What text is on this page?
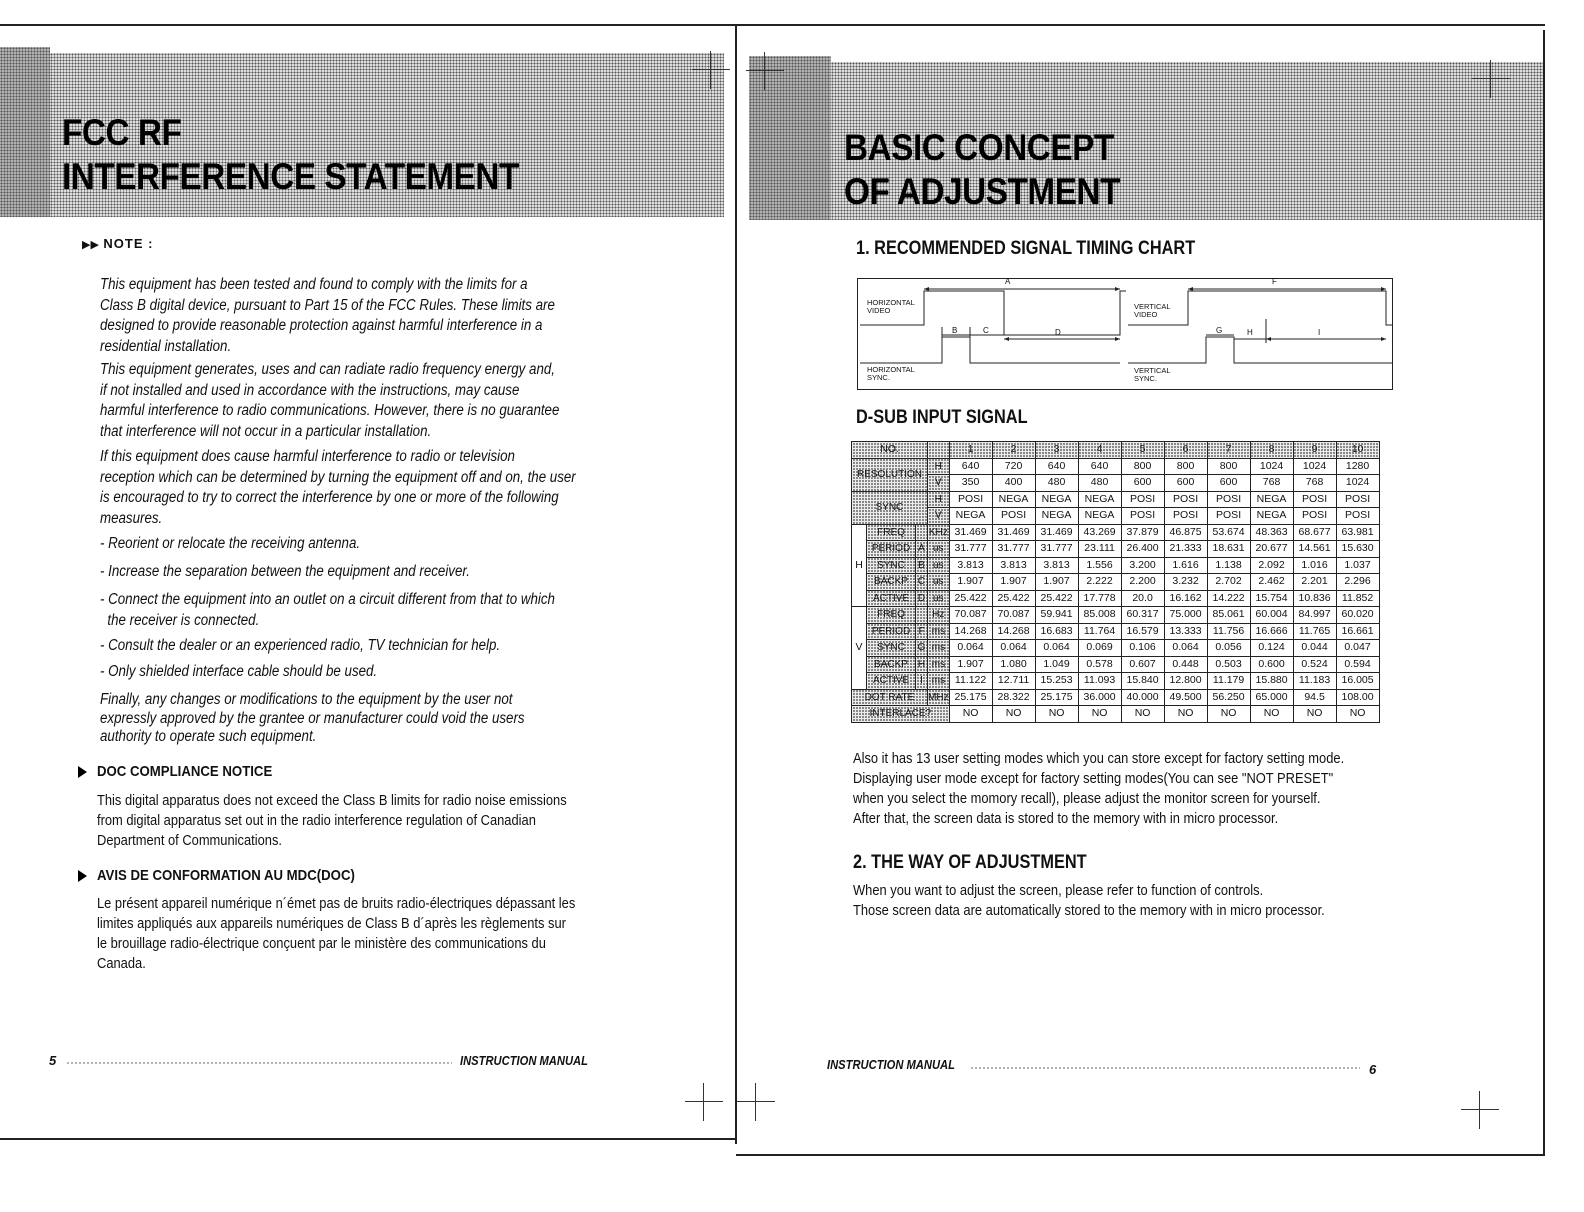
FCC RF
INTERFERENCE STATEMENT
▶▶ NOTE :
This equipment has been tested and found to comply with the limits for a
Class B digital device, pursuant to Part 15 of the FCC Rules. These limits are
designed to provide reasonable protection against harmful interference in a
residential installation.
This equipment generates, uses and can radiate radio frequency energy and,
if not installed and used in accordance with the instructions, may cause
harmful interference to radio communications. However, there is no guarantee
that interference will not occur in a particular installation.
If this equipment does cause harmful interference to radio or television
reception which can be determined by turning the equipment off and on, the user
is encouraged to try to correct the interference by one or more of the following
measures.
- Reorient or relocate the receiving antenna.
- Increase the separation between the equipment and receiver.
- Connect the equipment into an outlet on a circuit different from that to which
the receiver is connected.
- Consult the dealer or an experienced radio, TV technician for help.
- Only shielded interface cable should be used.
Finally, any changes or modifications to the equipment by the user not
expressly approved by the grantee or manufacturer could void the users
authority to operate such equipment.
DOC COMPLIANCE NOTICE
This digital apparatus does not exceed the Class B limits for radio noise emissions
from digital apparatus set out in the radio interference regulation of Canadian
Department of Communications.
AVIS DE CONFORMATION AU MDC(DOC)
Le présent appareil numérique n´émet pas de bruits radio-électriques dépassant les
limites appliqués aux appareils numériques de Class B d´après les règlements sur
le brouillage radio-électrique conçuent par le ministère des communications du
Canada.
5	INSTRUCTION MANUAL
BASIC CONCEPT
OF ADJUSTMENT
1. RECOMMENDED SIGNAL TIMING CHART
HORIZONTAL
VIDEO
HORIZONTAL
SYNC.
VERTICAL
VIDEO
VERTICAL
SYNC.
A
B	C	D
F
G	H	I
D-SUB INPUT SIGNAL
NO.				1	2	3	4	5	6	7	8	9	10
RESOLUTION			H	640	720	640	640	800	800	800	1024	1024	1280
			V	350	400	480	480	600	600	600	768	768	1024
SYNC			H	POSI	NEGA	NEGA	NEGA	POSI	POSI	POSI	NEGA	POSI	POSI
			V	NEGA	POSI	NEGA	NEGA	POSI	POSI	POSI	NEGA	POSI	POSI
H	FREQ		KHz	31.469	31.469	31.469	43.269	37.879	46.875	53.674	48.363	68.677	63.981
	PERIOD	A	us	31.777	31.777	31.777	23.111	26.400	21.333	18.631	20.677	14.561	15.630
	SYNC	B	us	3.813	3.813	3.813	1.556	3.200	1.616	1.138	2.092	1.016	1.037
	BACKP	C	us	1.907	1.907	1.907	2.222	2.200	3.232	2.702	2.462	2.201	2.296
	ACTIVE	D	us	25.422	25.422	25.422	17.778	20.0	16.162	14.222	15.754	10.836	11.852
V	FREQ		Hz	70.087	70.087	59.941	85.008	60.317	75.000	85.061	60.004	84.997	60.020
	PERIOD	F	ms	14.268	14.268	16.683	11.764	16.579	13.333	11.756	16.666	11.765	16.661
	SYNC	G	ms	0.064	0.064	0.064	0.069	0.106	0.064	0.056	0.124	0.044	0.047
	BACKP	H	ms	1.907	1.080	1.049	0.578	0.607	0.448	0.503	0.600	0.524	0.594
	ACTIVE	I	ms	11.122	12.711	15.253	11.093	15.840	12.800	11.179	15.880	11.183	16.005
DOT RATE			MHz	25.175	28.322	25.175	36.000	40.000	49.500	56.250	65.000	94.5	108.00
INTERLACE?				NO	NO	NO	NO	NO	NO	NO	NO	NO	NO
Also it has 13 user setting modes which you can store except for factory setting mode.
Displaying user mode except for factory setting modes(You can see "NOT PRESET"
when you select the momory recall), please adjust the monitor screen for yourself.
After that, the screen data is stored to the memory with in micro processor.
2. THE WAY OF ADJUSTMENT
When you want to adjust the screen, please refer to function of controls.
Those screen data are automatically stored to the memory with in micro processor.
INSTRUCTION MANUAL	6
